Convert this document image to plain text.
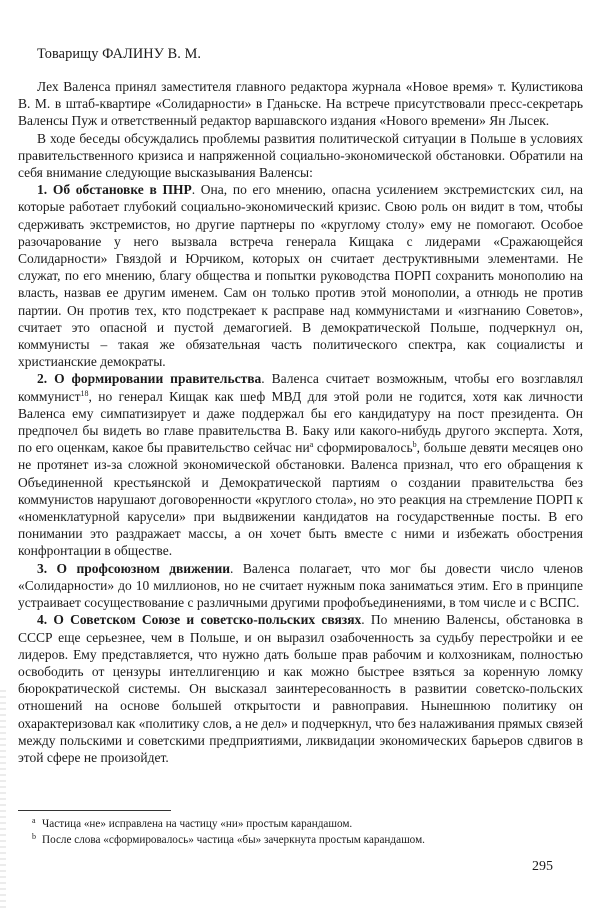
Товарищу ФАЛИНУ В. М.

Лех Валенса принял заместителя главного редактора журнала «Новое время» т. Кулистикова В. М. в штаб-квартире «Солидарности» в Гданьске. На встрече присутствовали пресс-секретарь Валенсы Пуж и ответственный редактор варшавского издания «Нового времени» Ян Лысек.

В ходе беседы обсуждались проблемы развития политической ситуации в Польше в условиях правительственного кризиса и напряженной социально-экономической обстановки. Обратили на себя внимание следующие высказывания Валенсы:

1. Об обстановке в ПНР. Она, по его мнению, опасна усилением экстремистских сил, на которые работает глубокий социально-экономический кризис. Свою роль он видит в том, чтобы сдерживать экстремистов, но другие партнеры по «круглому столу» ему не помогают. Особое разочарование у него вызвала встреча генерала Кищака с лидерами «Сражающейся Солидарности» Гвяздой и Юрчиком, которых он считает деструктивными элементами. Не служат, по его мнению, благу общества и попытки руководства ПОРП сохранить монополию на власть, назвав ее другим именем. Сам он только против этой монополии, а отнюдь не против партии. Он против тех, кто подстрекает к расправе над коммунистами и «изгнанию Советов», считает это опасной и пустой демагогией. В демократической Польше, подчеркнул он, коммунисты – такая же обязательная часть политического спектра, как социалисты и христианские демократы.

2. О формировании правительства. Валенса считает возможным, чтобы его возглавлял коммунист$^{18}$, но генерал Кищак как шеф МВД для этой роли не годится, хотя как личности Валенса ему симпатизирует и даже поддержал бы его кандидатуру на пост президента. Он предпочел бы видеть во главе правительства В. Баку или какого-нибудь другого эксперта. Хотя, по его оценкам, какое бы правительство сейчас $ни^a$ сформировалось$^b$, больше девяти месяцев оно не протянет из-за сложной экономической обстановки. Валенса признал, что его обращения к Объединенной крестьянской и Демократической партиям о создании правительства без коммунистов нарушают договоренности «круглого стола», но это реакция на стремление ПОРП к «номенклатурной карусели» при выдвижении кандидатов на государственные посты. В его понимании это раздражает массы, а он хочет быть вместе с ними и избежать обострения конфронтации в обществе.

3. О профсоюзном движении. Валенса полагает, что мог бы довести число членов «Солидарности» до 10 миллионов, но не считает нужным пока заниматься этим. Его в принципе устраивает сосуществование с различными другими профобъединениями, в том числе и с ВСПС.

4. О Советском Союзе и советско-польских связях. По мнению Валенсы, обстановка в СССР еще серьезнее, чем в Польше, и он выразил озабоченность за судьбу перестройки и ее лидеров. Ему представляется, что нужно дать больше прав рабочим и колхозникам, полностью освободить от цензуры интеллигенцию и как можно быстрее взяться за коренную ломку бюрократической системы. Он высказал заинтересованность в развитии советско-польских отношений на основе большей открытости и равноправия. Нынешнюю политику он охарактеризовал как «политику слов, а не дел» и подчеркнул, что без налаживания прямых связей между польскими и советскими предприятиями, ликвидации экономических барьеров сдвигов в этой сфере не произойдет.

a Частица «не» исправлена на частицу «ни» простым карандашом.
b После слова «сформировалось» частица «бы» зачеркнута простым карандашом.
295
